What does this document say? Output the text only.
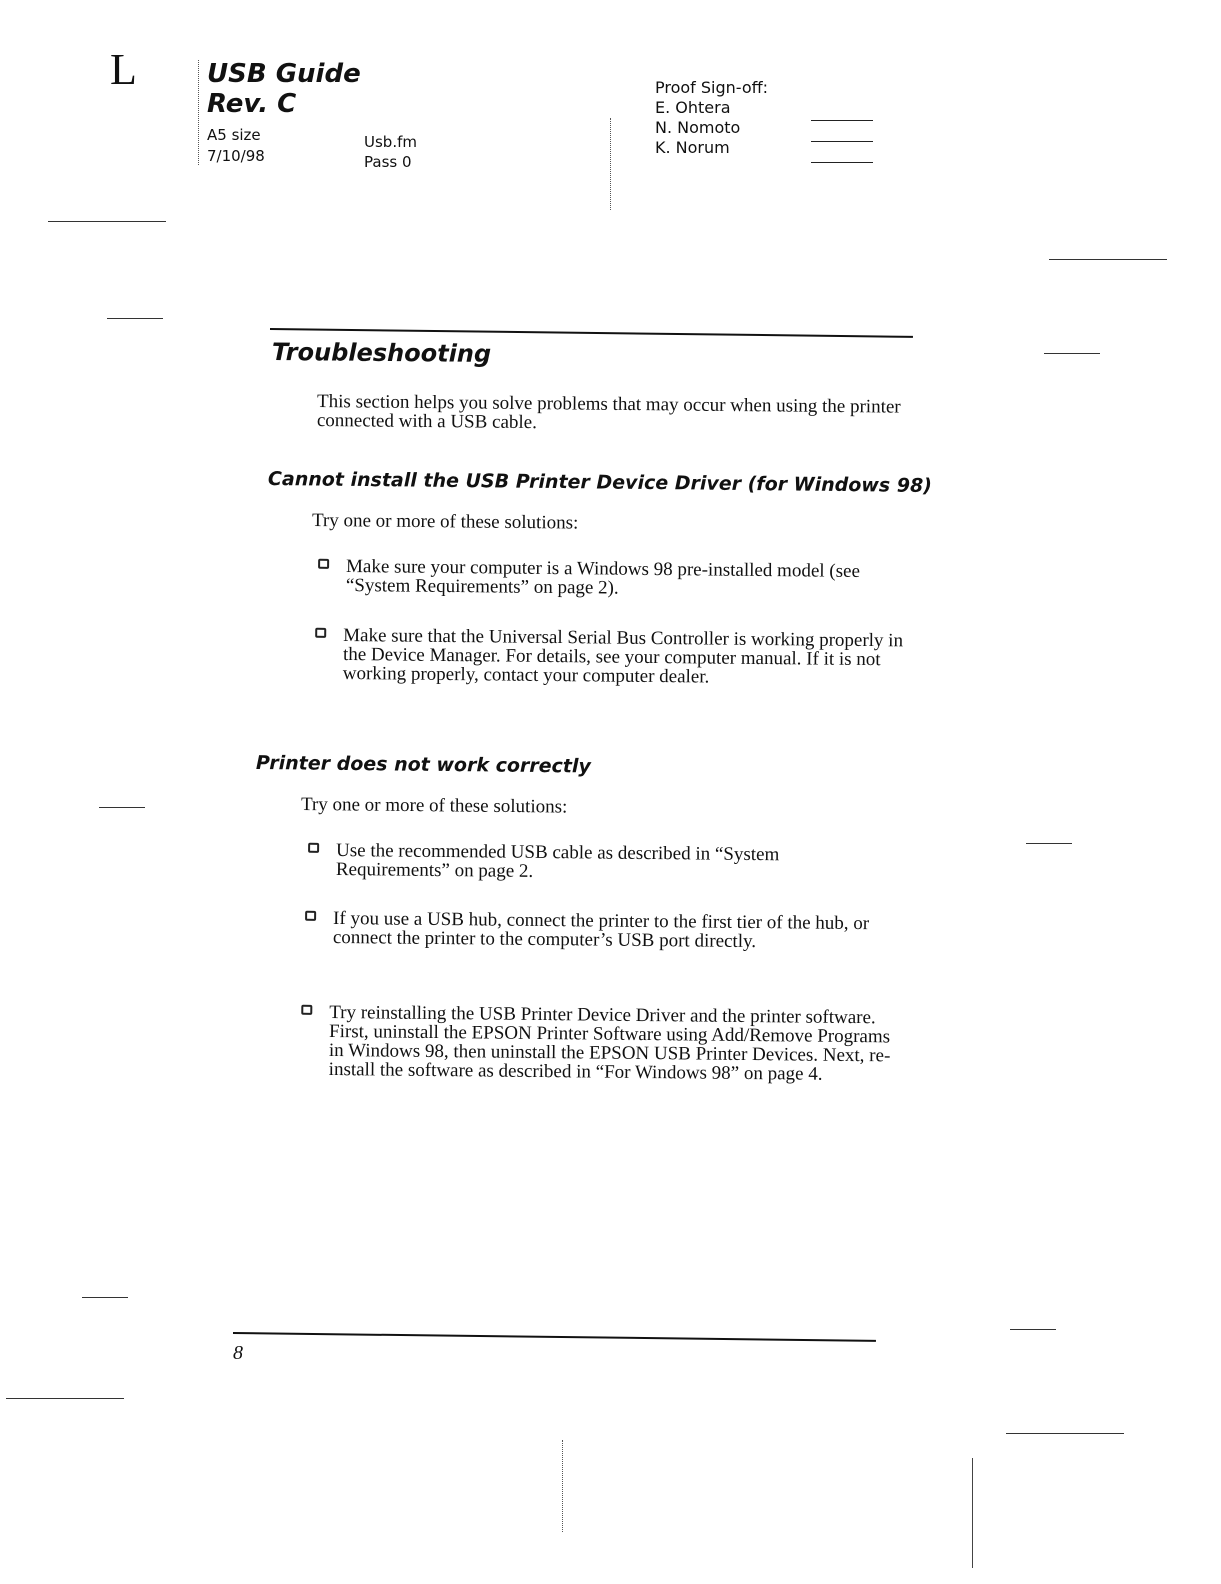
L	USB Guide
Rev. C
A5 size
7/10/98
Usb.fm
Pass 0
Proof Sign-off:
E. Ohtera
N. Nomoto
K. Norum
Troubleshooting
This section helps you solve problems that may occur when using the printer connected with a USB cable.
Cannot install the USB Printer Device Driver (for Windows 98)
Try one or more of these solutions:
Make sure your computer is a Windows 98 pre-installed model (see “System Requirements” on page 2).
Make sure that the Universal Serial Bus Controller is working properly in the Device Manager. For details, see your computer manual. If it is not working properly, contact your computer dealer.
Printer does not work correctly
Try one or more of these solutions:
Use the recommended USB cable as described in “System Requirements” on page 2.
If you use a USB hub, connect the printer to the first tier of the hub, or connect the printer to the computer’s USB port directly.
Try reinstalling the USB Printer Device Driver and the printer software. First, uninstall the EPSON Printer Software using Add/Remove Programs in Windows 98, then uninstall the EPSON USB Printer Devices. Next, re-install the software as described in “For Windows 98” on page 4.
8
